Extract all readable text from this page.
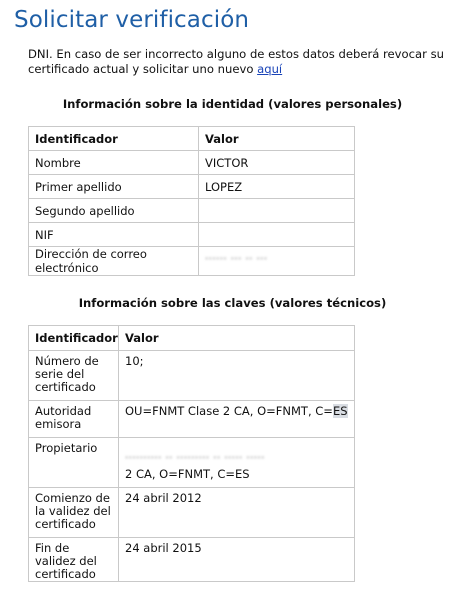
Solicitar verificación

DNI. En caso de ser incorrecto alguno de estos datos deberá revocar su certificado actual y solicitar uno nuevo aquí

Información sobre la identidad (valores personales)
Identificador	Valor
Nombre	VICTOR
Primer apellido	LOPEZ
Segundo apellido	
NIF	
Dirección de correo electrónico	······ ··· ·· ···
Información sobre las claves (valores técnicos)
Identificador	Valor
Número de serie del certificado	10;
Autoridad emisora	OU=FNMT Clase 2 CA, O=FNMT, C=ES
Propietario	·········· ·· ········· ·· ····· ·····
2 CA, O=FNMT, C=ES
Comienzo de la validez del certificado	24 abril 2012
Fin de validez del certificado	24 abril 2015
